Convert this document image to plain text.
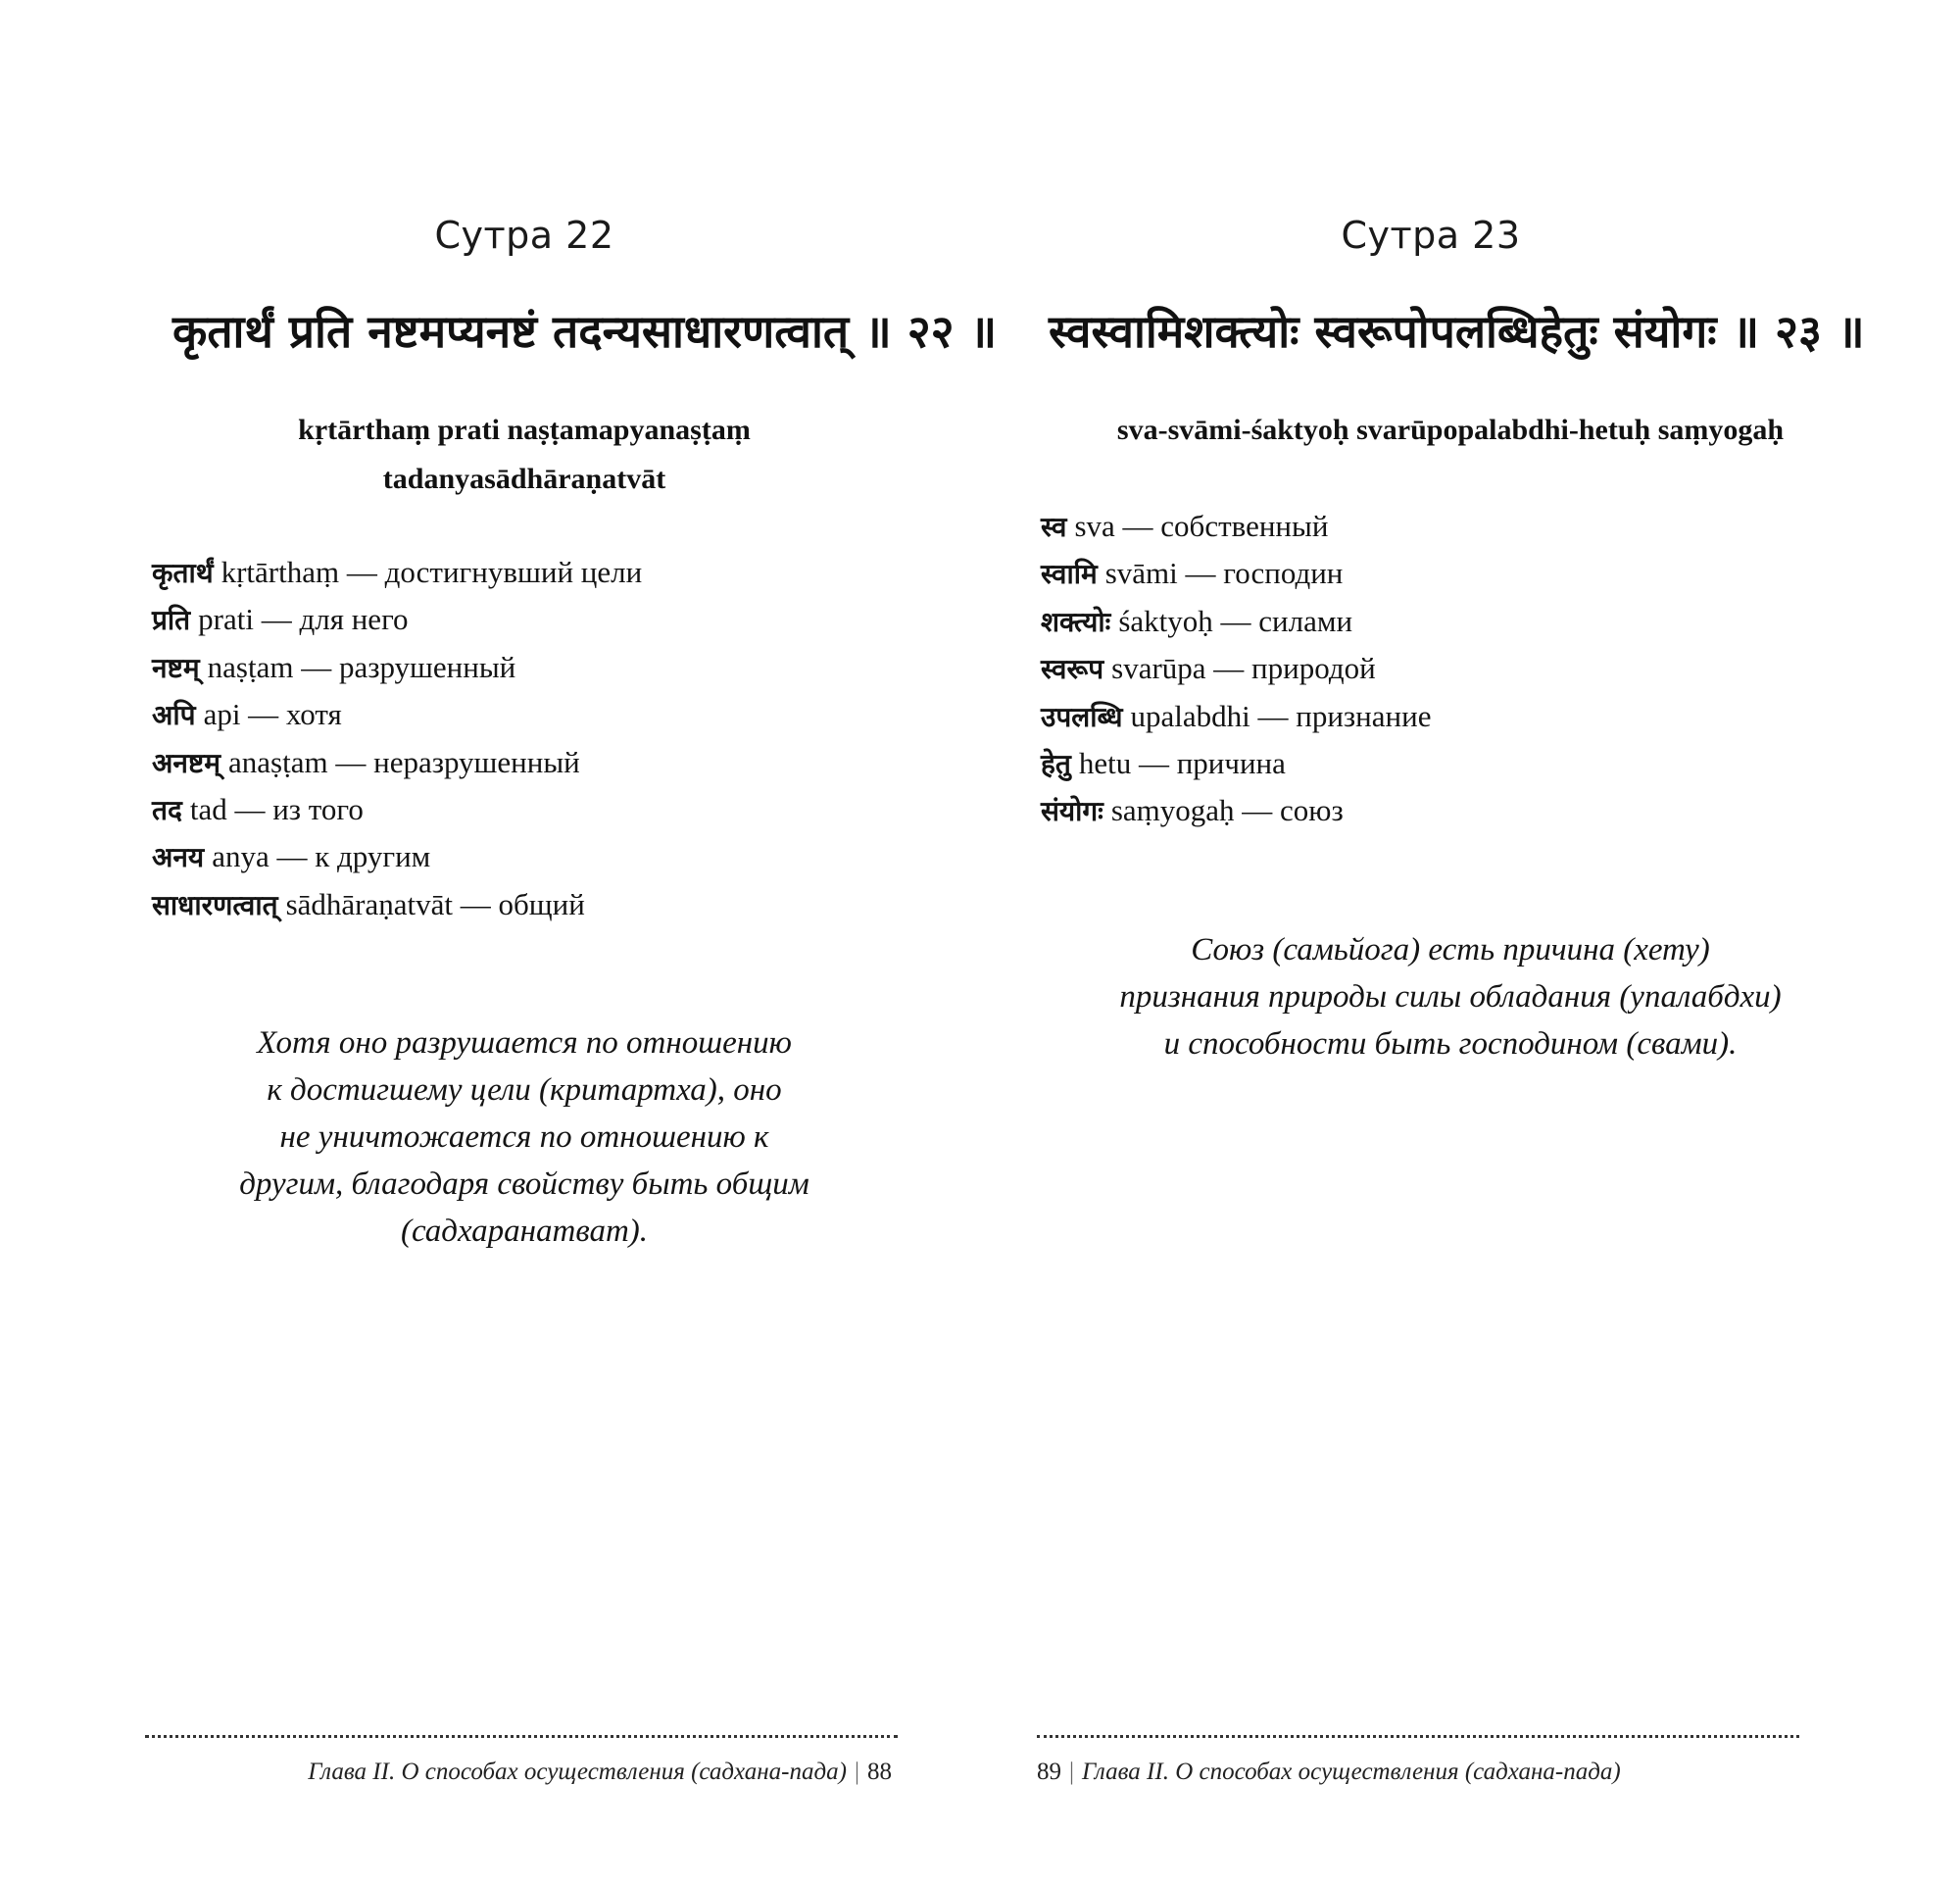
Сутра 22
कृतार्थं प्रति नष्टमप्यनष्टं तदन्यसाधारणत्वात् ॥ २२ ॥
kṛtārthaṃ prati naṣṭamapyanaṣṭaṃ
tadanyasādhāraṇatvāt
कृतार्थं kṛtārthaṃ — достигнувший цели
प्रति prati — для него
नष्टम् naṣṭam — разрушенный
अपि api — хотя
अनष्टम् anaṣṭam — неразрушенный
तद tad — из того
अनय anya — к другим
साधारणत्वात् sādhāraṇatvāt — общий

Хотя оно разрушается по отношению
к достигшему цели (критартха), оно
не уничтожается по отношению к
другим, благодаря свойству быть общим
(садхаранатват).

Глава II. О способах осуществления (садхана-пада) | 88
Сутра 23
स्वस्वामिशक्त्योः स्वरूपोपलब्धिहेतुः संयोगः ॥ २३ ॥
sva-svāmi-śaktyoḥ svarūpopalabdhi-hetuḥ saṃyogaḥ
स्व sva — собственный
स्वामि svāmi — господин
शक्त्योः śaktyoḥ — силами
स्वरूप svarūpa — природой
उपलब्धि upalabdhi — признание
हेतु hetu — причина
संयोगः saṃyogaḥ — союз

Союз (самьйога) есть причина (хету)
признания природы силы обладания (упалабдхи)
и способности быть господином (свами).

89 | Глава II. О способах осуществления (садхана-пада)
